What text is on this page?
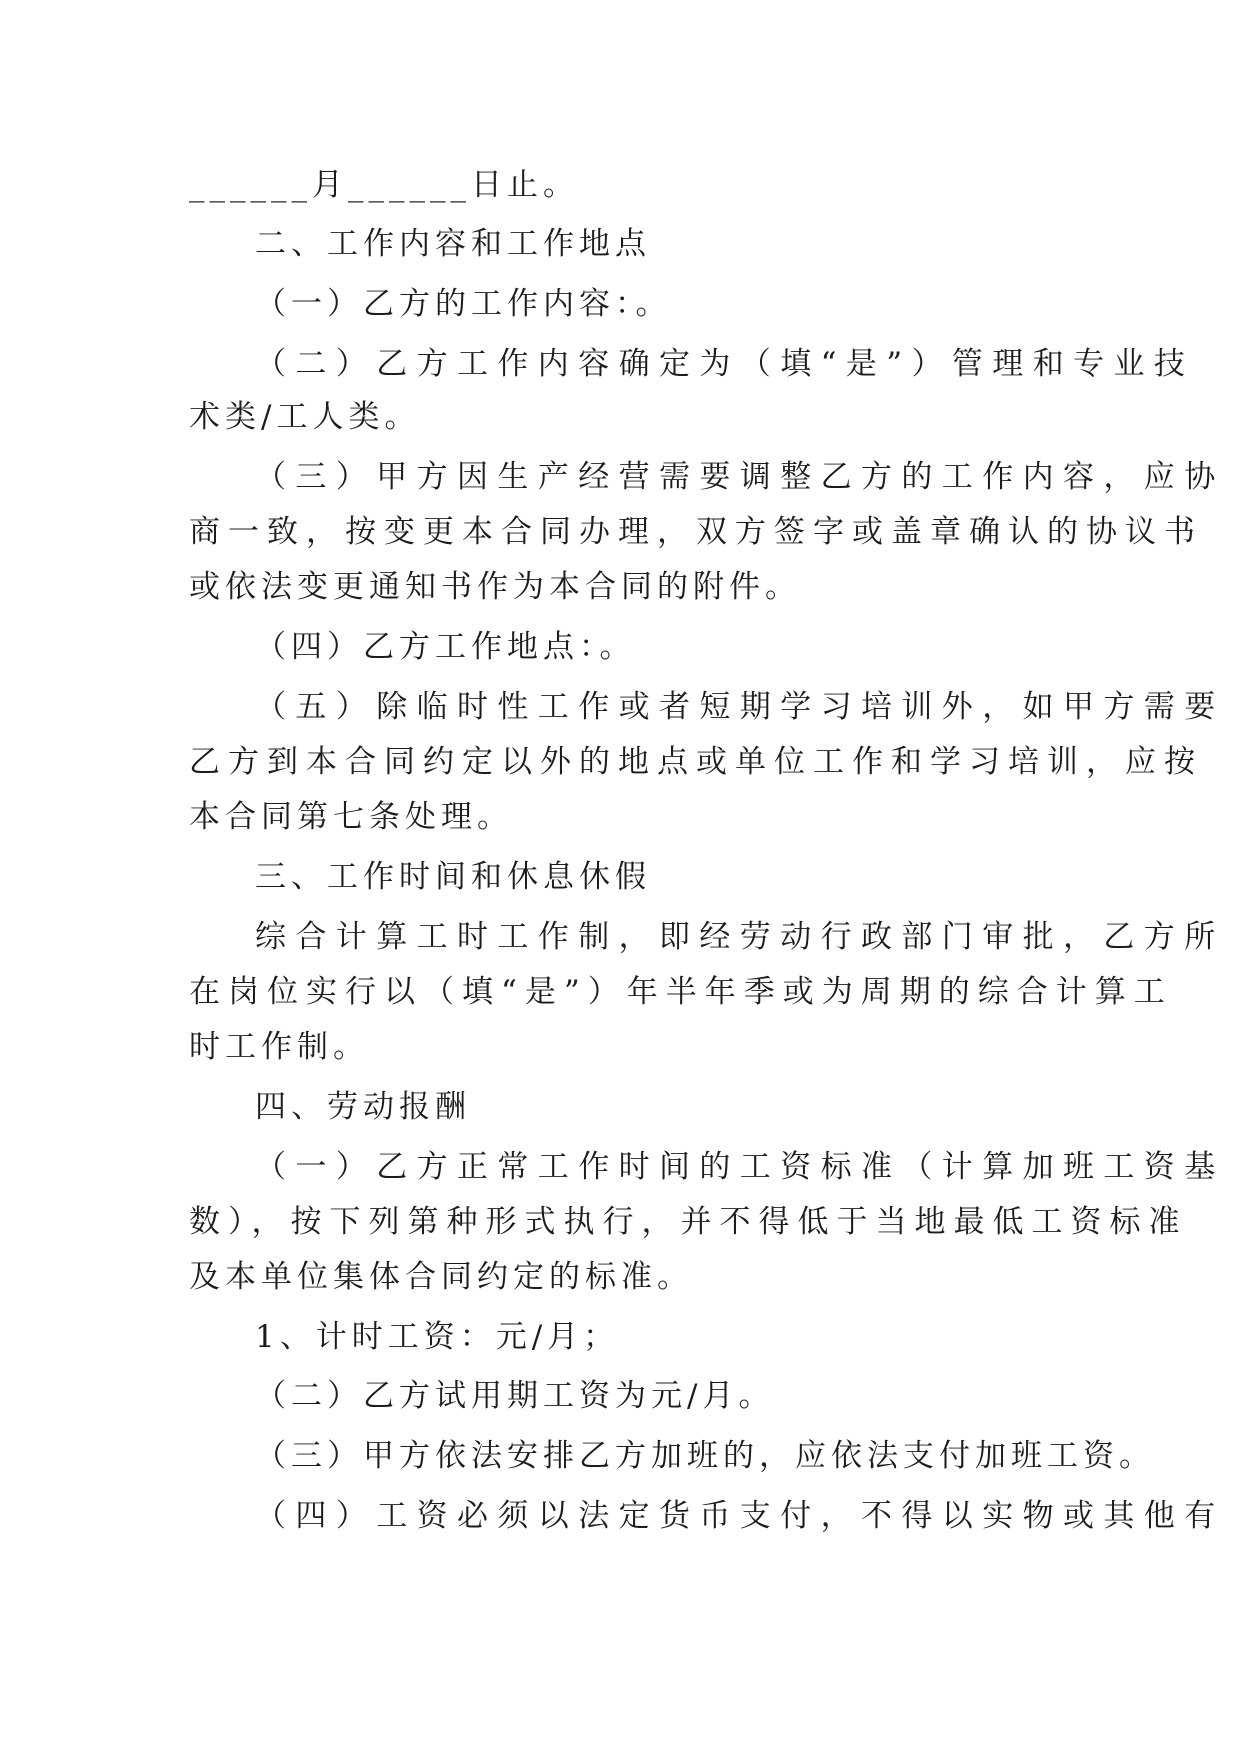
______月______日止。
二、工作内容和工作地点
（一）乙方的工作内容：。
（二）乙方工作内容确定为（填“是”）管理和专业技
术类/工人类。
（三）甲方因生产经营需要调整乙方的工作内容，应协
商一致，按变更本合同办理，双方签字或盖章确认的协议书
或依法变更通知书作为本合同的附件。
（四）乙方工作地点：。
（五）除临时性工作或者短期学习培训外，如甲方需要
乙方到本合同约定以外的地点或单位工作和学习培训，应按
本合同第七条处理。
三、工作时间和休息休假
综合计算工时工作制，即经劳动行政部门审批，乙方所
在岗位实行以（填“是”）年半年季或为周期的综合计算工
时工作制。
四、劳动报酬
（一）乙方正常工作时间的工资标准（计算加班工资基
数），按下列第种形式执行，并不得低于当地最低工资标准
及本单位集体合同约定的标准。
1、计时工资：元/月；
（二）乙方试用期工资为元/月。
（三）甲方依法安排乙方加班的，应依法支付加班工资。
（四）工资必须以法定货币支付，不得以实物或其他有
